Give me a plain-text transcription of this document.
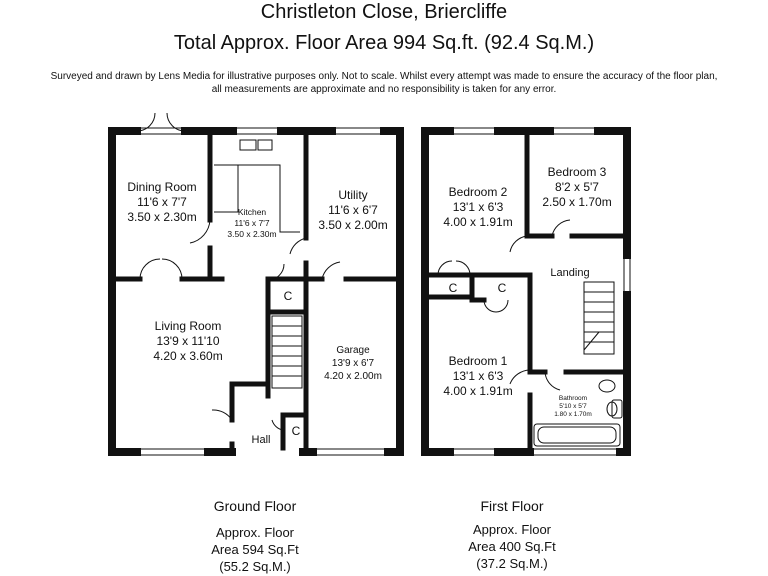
Christleton Close, Briercliffe
Total Approx. Floor Area 994 Sq.ft. (92.4 Sq.M.)
Surveyed and drawn by Lens Media for illustrative purposes only. Not to scale. Whilst every attempt was made to ensure the accuracy of the floor plan,
all measurements are approximate and no responsibility is taken for any error.
Dining Room
11'6 x 7'7
3.50 x 2.30m	Kitchen
11'6 x 7'7
3.50 x 2.30m
Utility
11'6 x 6'7
3.50 x 2.00m
Living Room
13'9 x 11'10
4.20 x 3.60m	Garage
13'9 x 6'7
4.20 x 2.00m
Hall
C
C
Bedroom 2
13'1 x 6'3
4.00 x 1.91m
Bedroom 3
8'2 x 5'7
2.50 x 1.70m
Landing
Bedroom 1
13'1 x 6'3
4.00 x 1.91m
Bathroom
5'10 x 5'7
1.80 x 1.70m
C	C
Ground Floor
Approx. Floor
Area 594 Sq.Ft
(55.2 Sq.M.)
First Floor
Approx. Floor
Area 400 Sq.Ft
(37.2 Sq.M.)
